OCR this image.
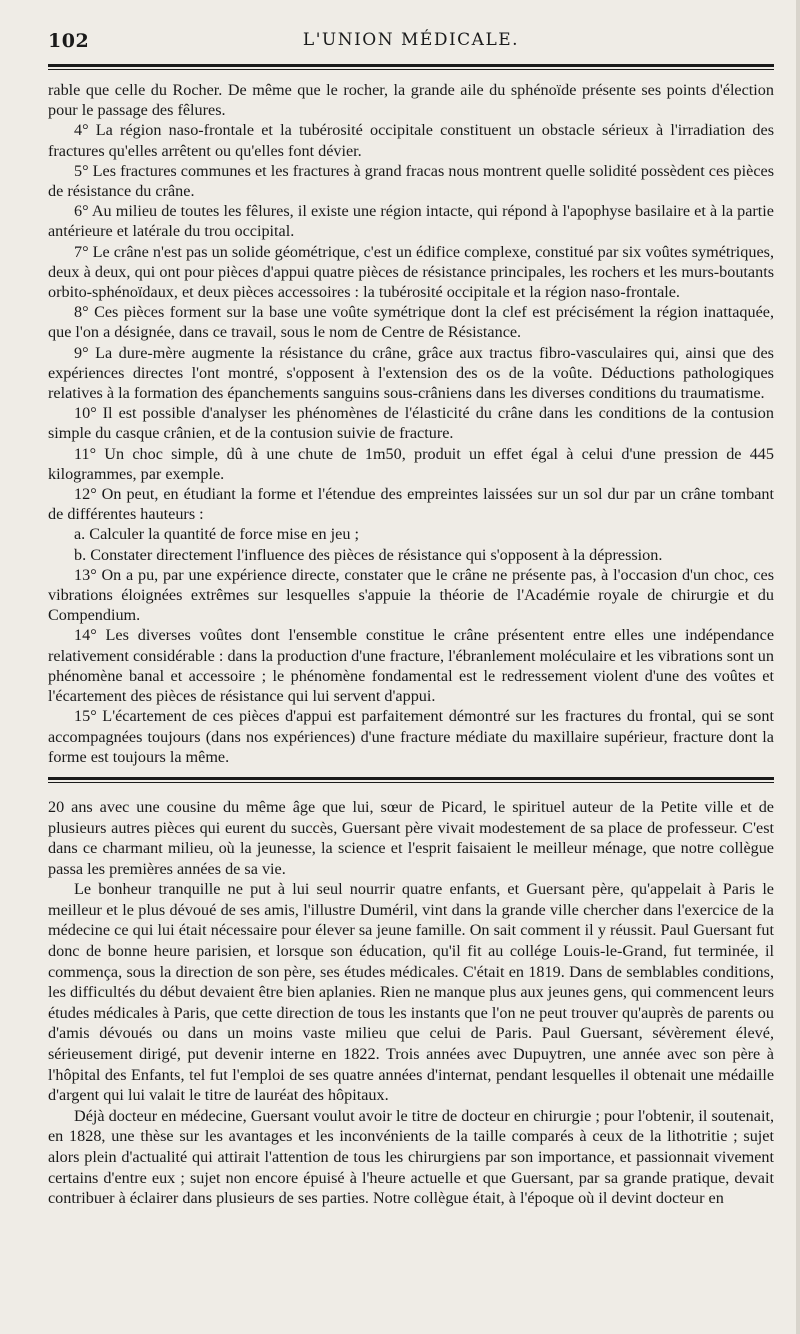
102	L'UNION MÉDICALE.

rable que celle du Rocher. De même que le rocher, la grande aile du sphénoïde présente ses points d'élection pour le passage des fêlures.

4° La région naso-frontale et la tubérosité occipitale constituent un obstacle sérieux à l'irradiation des fractures qu'elles arrêtent ou qu'elles font dévier.

5° Les fractures communes et les fractures à grand fracas nous montrent quelle solidité possèdent ces pièces de résistance du crâne.

6° Au milieu de toutes les fêlures, il existe une région intacte, qui répond à l'apophyse basilaire et à la partie antérieure et latérale du trou occipital.

7° Le crâne n'est pas un solide géométrique, c'est un édifice complexe, constitué par six voûtes symétriques, deux à deux, qui ont pour pièces d'appui quatre pièces de résistance principales, les rochers et les murs-boutants orbito-sphénoïdaux, et deux pièces accessoires : la tubérosité occipitale et la région naso-frontale.

8° Ces pièces forment sur la base une voûte symétrique dont la clef est précisément la région inattaquée, que l'on a désignée, dans ce travail, sous le nom de Centre de Résistance.

9° La dure-mère augmente la résistance du crâne, grâce aux tractus fibro-vasculaires qui, ainsi que des expériences directes l'ont montré, s'opposent à l'extension des os de la voûte. Déductions pathologiques relatives à la formation des épanchements sanguins sous-crâniens dans les diverses conditions du traumatisme.

10° Il est possible d'analyser les phénomènes de l'élasticité du crâne dans les conditions de la contusion simple du casque crânien, et de la contusion suivie de fracture.

11° Un choc simple, dû à une chute de 1m50, produit un effet égal à celui d'une pression de 445 kilogrammes, par exemple.

12° On peut, en étudiant la forme et l'étendue des empreintes laissées sur un sol dur par un crâne tombant de différentes hauteurs :

a. Calculer la quantité de force mise en jeu ;

b. Constater directement l'influence des pièces de résistance qui s'opposent à la dépression.

13° On a pu, par une expérience directe, constater que le crâne ne présente pas, à l'occasion d'un choc, ces vibrations éloignées extrêmes sur lesquelles s'appuie la théorie de l'Académie royale de chirurgie et du Compendium.

14° Les diverses voûtes dont l'ensemble constitue le crâne présentent entre elles une indépendance relativement considérable : dans la production d'une fracture, l'ébranlement moléculaire et les vibrations sont un phénomène banal et accessoire ; le phénomène fondamental est le redressement violent d'une des voûtes et l'écartement des pièces de résistance qui lui servent d'appui.

15° L'écartement de ces pièces d'appui est parfaitement démontré sur les fractures du frontal, qui se sont accompagnées toujours (dans nos expériences) d'une fracture médiate du maxillaire supérieur, fracture dont la forme est toujours la même.

20 ans avec une cousine du même âge que lui, sœur de Picard, le spirituel auteur de la Petite ville et de plusieurs autres pièces qui eurent du succès, Guersant père vivait modestement de sa place de professeur. C'est dans ce charmant milieu, où la jeunesse, la science et l'esprit faisaient le meilleur ménage, que notre collègue passa les premières années de sa vie.

Le bonheur tranquille ne put à lui seul nourrir quatre enfants, et Guersant père, qu'appelait à Paris le meilleur et le plus dévoué de ses amis, l'illustre Duméril, vint dans la grande ville chercher dans l'exercice de la médecine ce qui lui était nécessaire pour élever sa jeune famille. On sait comment il y réussit. Paul Guersant fut donc de bonne heure parisien, et lorsque son éducation, qu'il fit au collége Louis-le-Grand, fut terminée, il commença, sous la direction de son père, ses études médicales. C'était en 1819. Dans de semblables conditions, les difficultés du début devaient être bien aplanies. Rien ne manque plus aux jeunes gens, qui commencent leurs études médicales à Paris, que cette direction de tous les instants que l'on ne peut trouver qu'auprès de parents ou d'amis dévoués ou dans un moins vaste milieu que celui de Paris. Paul Guersant, sévèrement élevé, sérieusement dirigé, put devenir interne en 1822. Trois années avec Dupuytren, une année avec son père à l'hôpital des Enfants, tel fut l'emploi de ses quatre années d'internat, pendant lesquelles il obtenait une médaille d'argent qui lui valait le titre de lauréat des hôpitaux.

Déjà docteur en médecine, Guersant voulut avoir le titre de docteur en chirurgie ; pour l'obtenir, il soutenait, en 1828, une thèse sur les avantages et les inconvénients de la taille comparés à ceux de la lithotritie ; sujet alors plein d'actualité qui attirait l'attention de tous les chirurgiens par son importance, et passionnait vivement certains d'entre eux ; sujet non encore épuisé à l'heure actuelle et que Guersant, par sa grande pratique, devait contribuer à éclairer dans plusieurs de ses parties. Notre collègue était, à l'époque où il devint docteur en
